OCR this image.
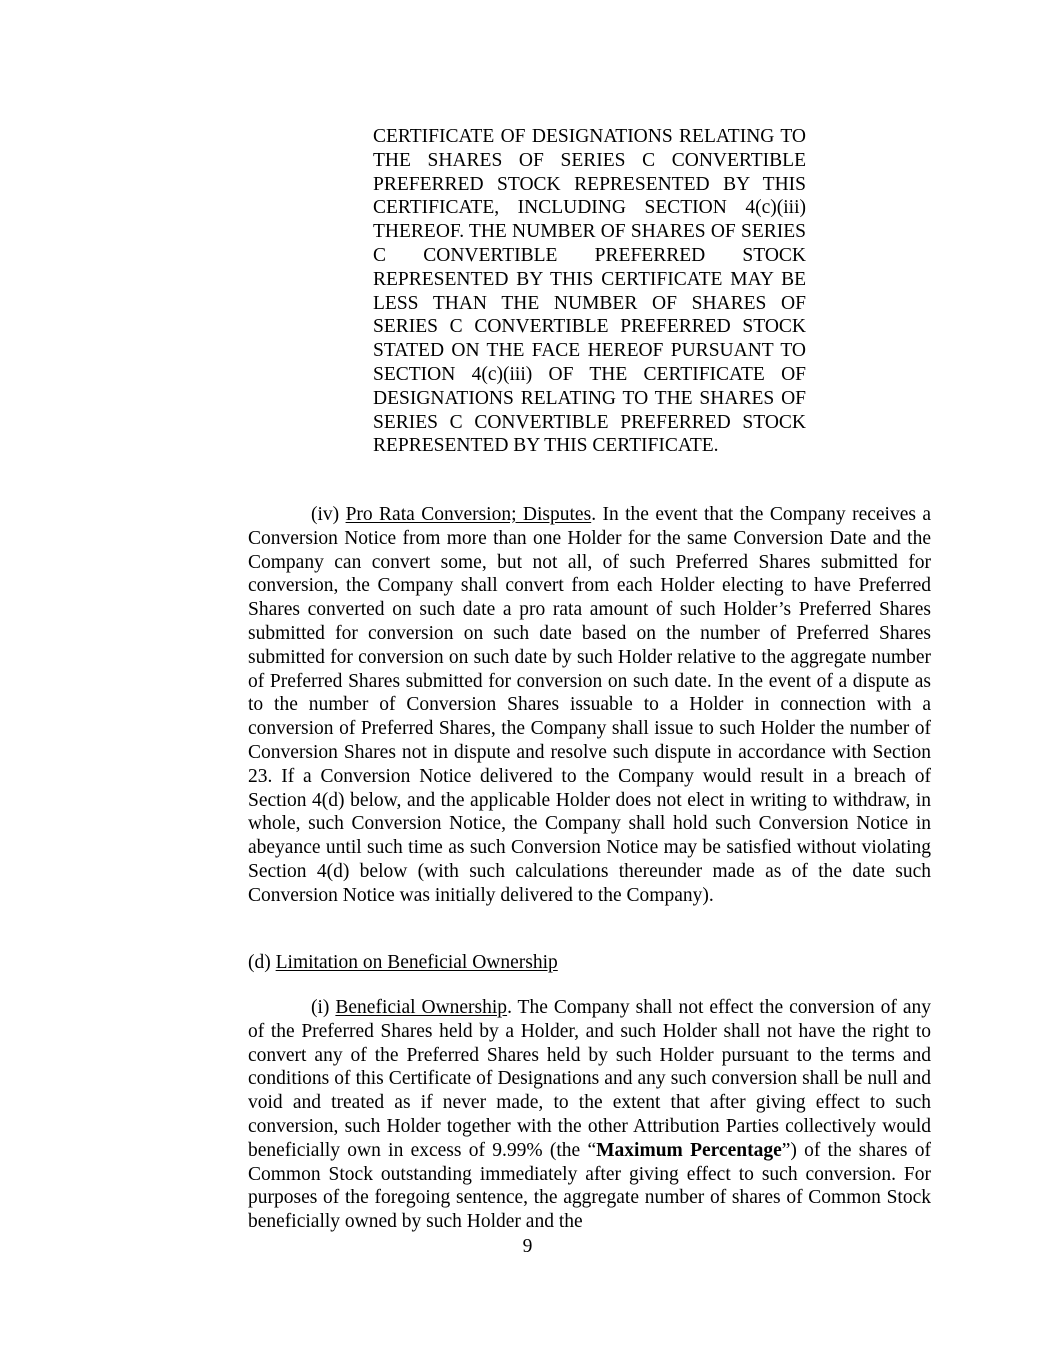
CERTIFICATE OF DESIGNATIONS RELATING TO THE SHARES OF SERIES C CONVERTIBLE PREFERRED STOCK REPRESENTED BY THIS CERTIFICATE, INCLUDING SECTION 4(c)(iii) THEREOF. THE NUMBER OF SHARES OF SERIES C CONVERTIBLE PREFERRED STOCK REPRESENTED BY THIS CERTIFICATE MAY BE LESS THAN THE NUMBER OF SHARES OF SERIES C CONVERTIBLE PREFERRED STOCK STATED ON THE FACE HEREOF PURSUANT TO SECTION 4(c)(iii) OF THE CERTIFICATE OF DESIGNATIONS RELATING TO THE SHARES OF SERIES C CONVERTIBLE PREFERRED STOCK REPRESENTED BY THIS CERTIFICATE.

(iv) Pro Rata Conversion; Disputes. In the event that the Company receives a Conversion Notice from more than one Holder for the same Conversion Date and the Company can convert some, but not all, of such Preferred Shares submitted for conversion, the Company shall convert from each Holder electing to have Preferred Shares converted on such date a pro rata amount of such Holder’s Preferred Shares submitted for conversion on such date based on the number of Preferred Shares submitted for conversion on such date by such Holder relative to the aggregate number of Preferred Shares submitted for conversion on such date. In the event of a dispute as to the number of Conversion Shares issuable to a Holder in connection with a conversion of Preferred Shares, the Company shall issue to such Holder the number of Conversion Shares not in dispute and resolve such dispute in accordance with Section 23. If a Conversion Notice delivered to the Company would result in a breach of Section 4(d) below, and the applicable Holder does not elect in writing to withdraw, in whole, such Conversion Notice, the Company shall hold such Conversion Notice in abeyance until such time as such Conversion Notice may be satisfied without violating Section 4(d) below (with such calculations thereunder made as of the date such Conversion Notice was initially delivered to the Company).

(d) Limitation on Beneficial Ownership

(i) Beneficial Ownership. The Company shall not effect the conversion of any of the Preferred Shares held by a Holder, and such Holder shall not have the right to convert any of the Preferred Shares held by such Holder pursuant to the terms and conditions of this Certificate of Designations and any such conversion shall be null and void and treated as if never made, to the extent that after giving effect to such conversion, such Holder together with the other Attribution Parties collectively would beneficially own in excess of 9.99% (the “Maximum Percentage”) of the shares of Common Stock outstanding immediately after giving effect to such conversion. For purposes of the foregoing sentence, the aggregate number of shares of Common Stock beneficially owned by such Holder and the

9
